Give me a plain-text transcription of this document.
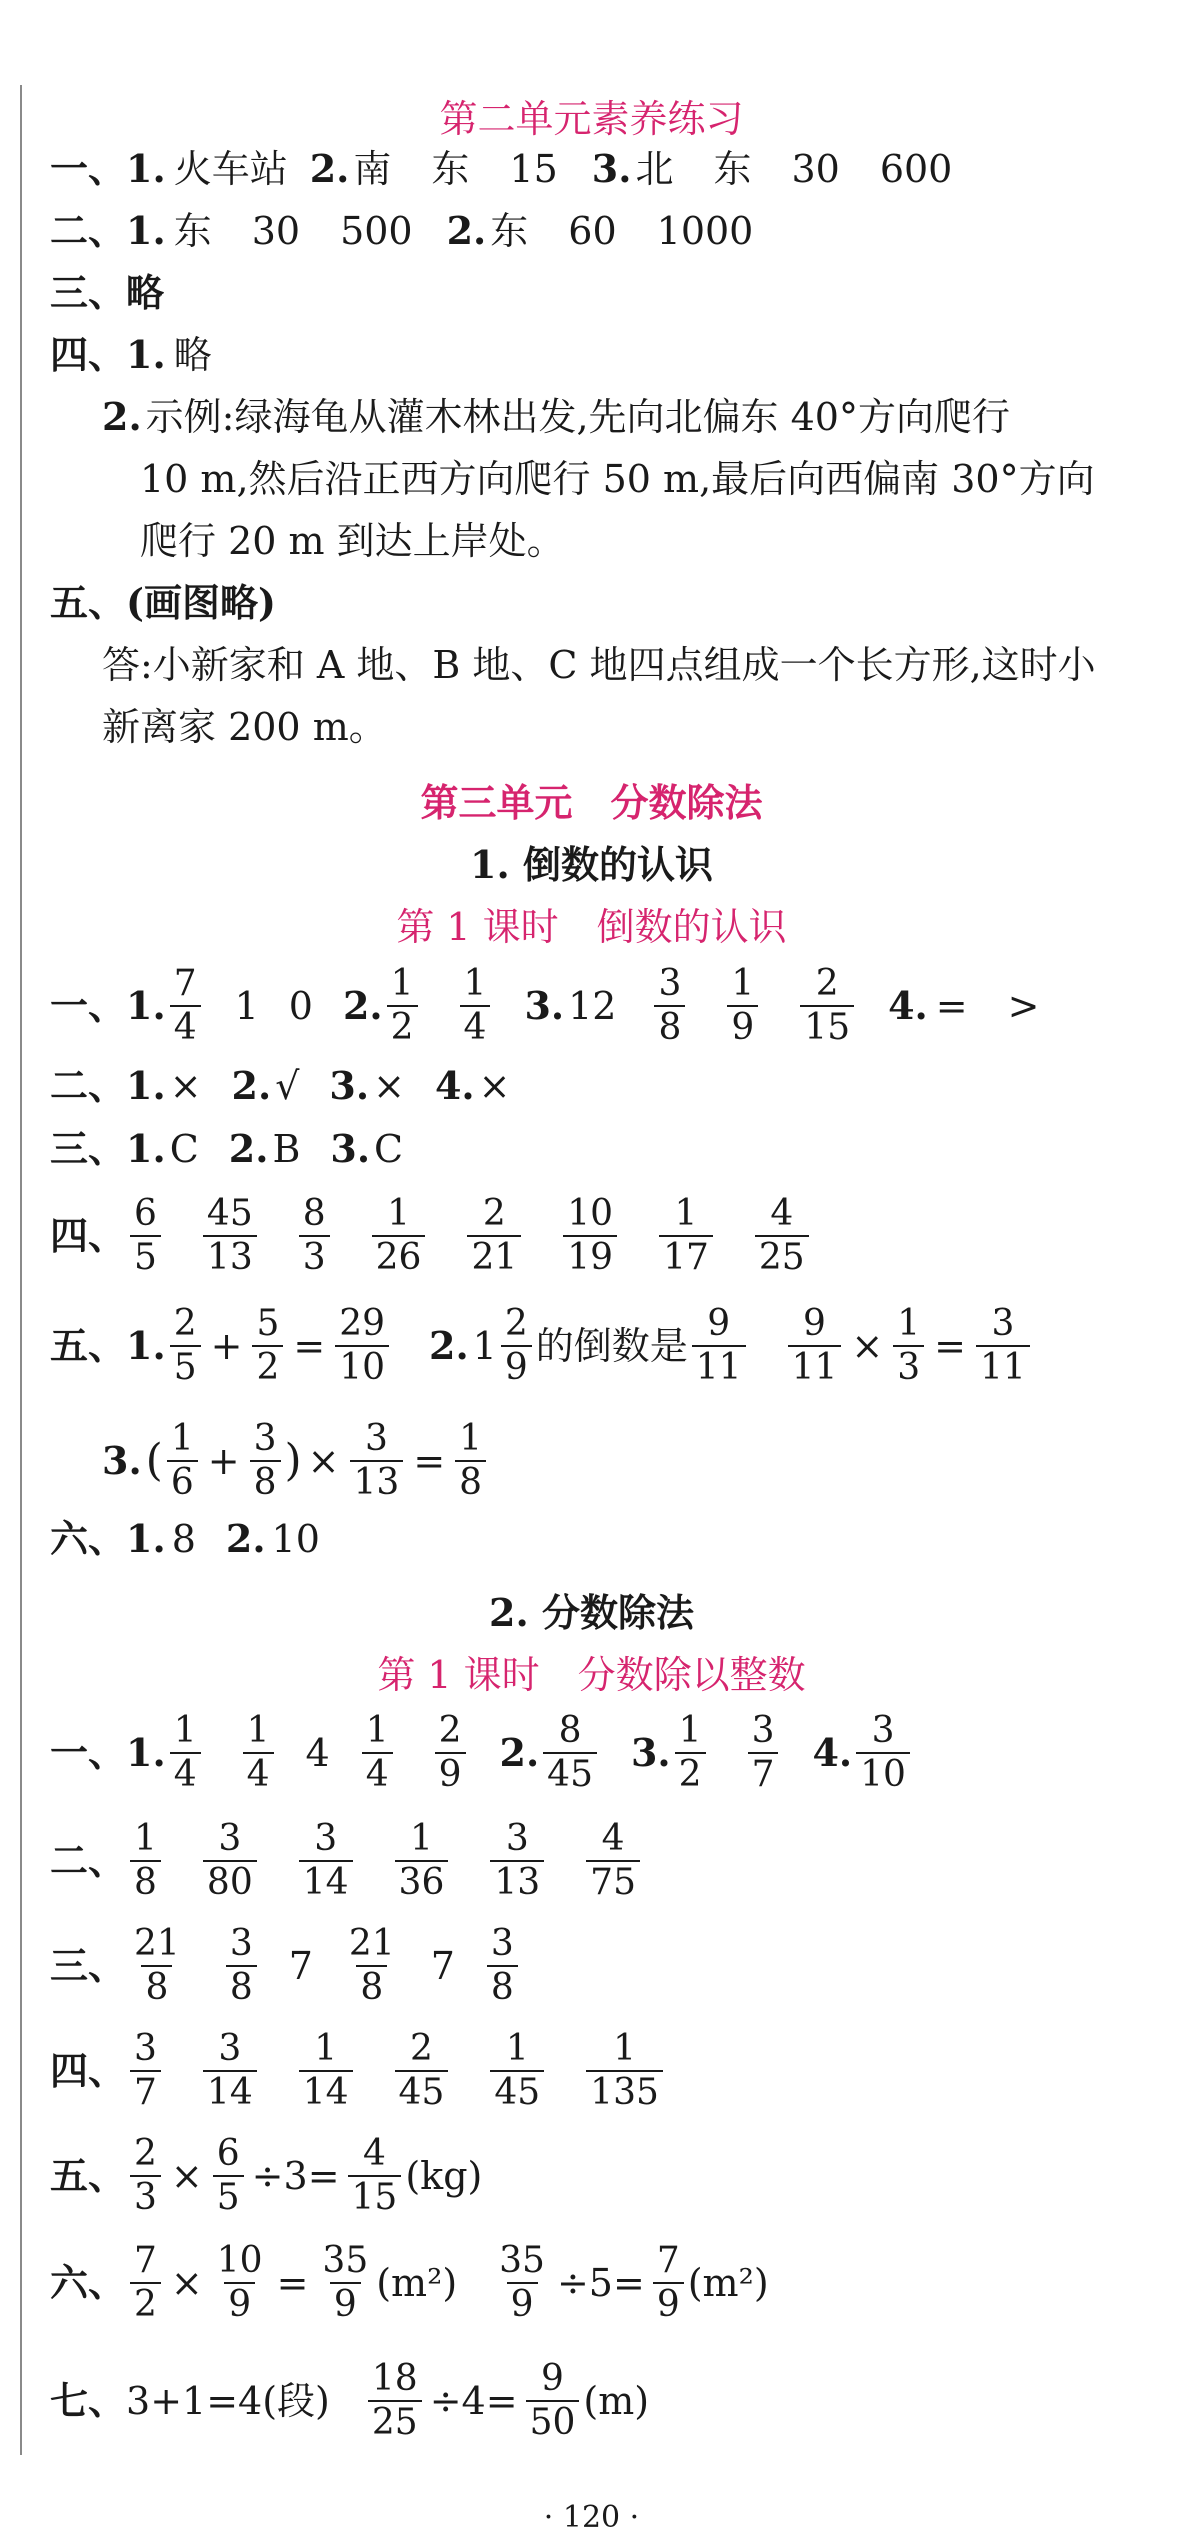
第二单元素养练习
一、 1. 火车站 2. 南 东 15 3. 北 东 30 600
二、 1. 东 30 500 2. 东 60 1000
三、略
四、 1. 略
2. 示例:绿海龟从灌木林出发,先向北偏东 40°方向爬行
10 m,然后沿正西方向爬行 50 m,最后向西偏南 30°方向
爬行 20 m 到达上岸处。
五、(画图略)
答:小新家和 A 地、B 地、C 地四点组成一个长方形,这时小
新离家 200 m。
第三单元　分数除法
1. 倒数的认识
第 1 课时　倒数的认识
一、 1. $\frac{7}{4} 1$ 0 2. $\frac{1}{2} \frac{1}{4} 3$. $12 \frac{3}{8} \frac{1}{9} \frac{2}{15} 4$. = >
二、 1. × 2. √ 3. × 4. ×
三、 1. C 2. B 3. C
四、 $\frac{6}{5} \frac{45}{13} \frac{8}{3} \frac{1}{26} \frac{2}{21} \frac{10}{19} \frac{1}{17} \frac{4}{25}$
五、 1. $\frac{2}{5} + \frac{5}{2} = \frac{29}{10} 2$. $1 \frac{2}{9}$ 的倒数是 $\frac{9}{11} \frac{9}{11} \times \frac{1}{3} = \frac{3}{11}$
3. ( $\frac{1}{6} + \frac{3}{8}$ ) × $\frac{3}{13} = \frac{1}{8}$
六、 1. 8 2. 10
2. 分数除法
第 1 课时　分数除以整数
一、 1. $\frac{1}{4} \frac{1}{4} 4 \frac{1}{4} \frac{2}{9} 2$. $\frac{8}{45} 3$. $\frac{1}{2} \frac{3}{7} 4$. $\frac{3}{10}$
二、 $\frac{1}{8} \frac{3}{80} \frac{3}{14} \frac{1}{36} \frac{3}{13} \frac{4}{75}$
三、 $\frac{21}{8} \frac{3}{8} 7 \frac{21}{8} 7 \frac{3}{8}$
四、 $\frac{3}{7} \frac{3}{14} \frac{1}{14} \frac{2}{45} \frac{1}{45} \frac{1}{135}$
五、 $\frac{2}{3} \times \frac{6}{5} \div 3= \frac{4}{15} (kg)$
六、 $\frac{7}{2} \times \frac{10}{9} = \frac{35}{9} (m^2) \frac{35}{9} \div 5= \frac{7}{9} (m^2)$
七、 3+1=4(段) $\frac{18}{25} \div 4= \frac{9}{50} (m)$
· 120 ·
